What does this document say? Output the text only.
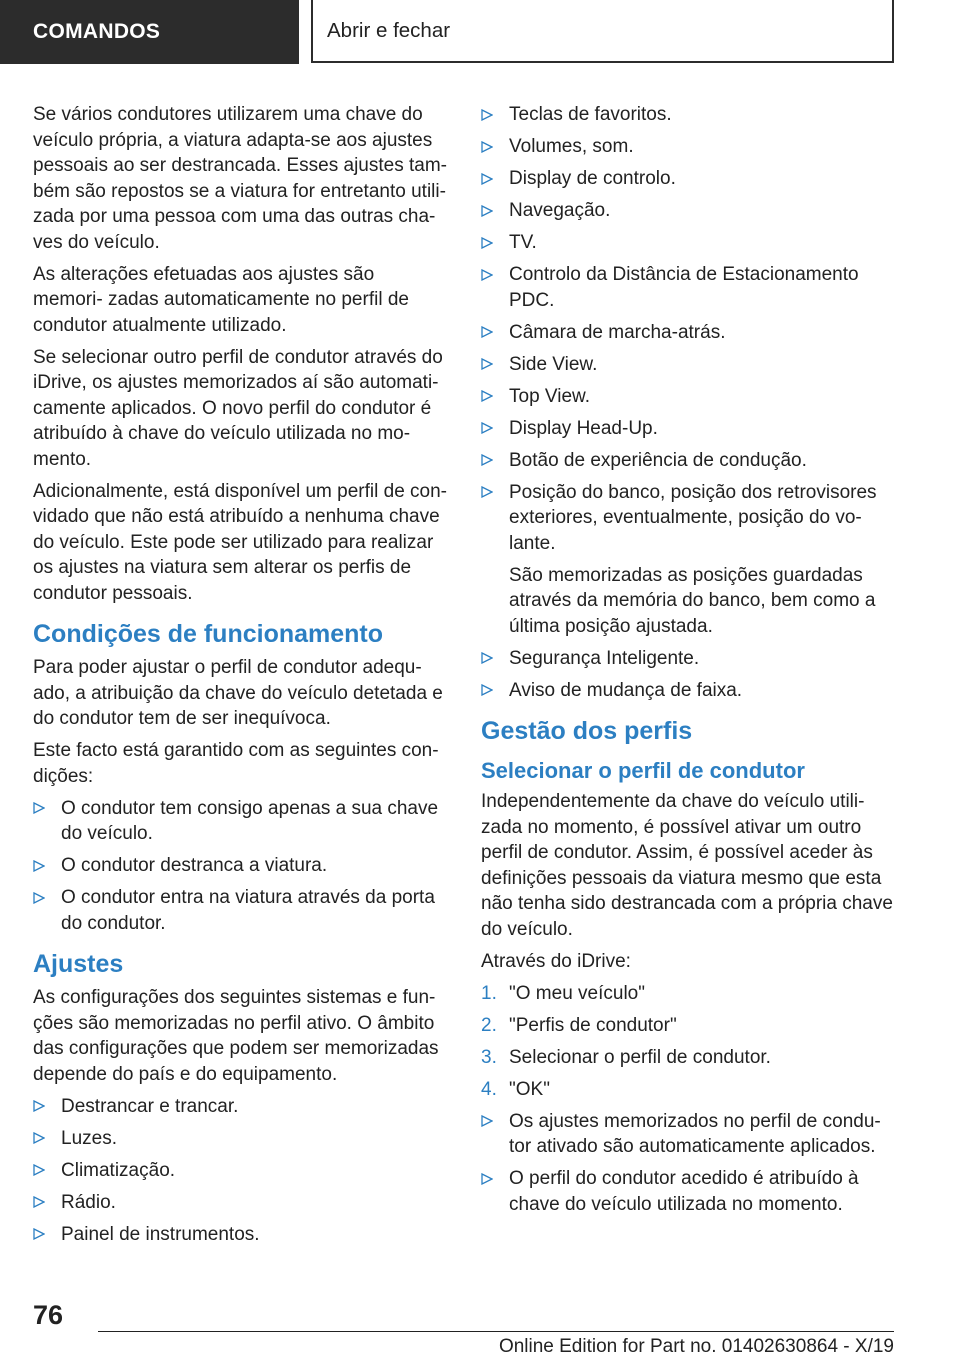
COMANDOS	Abrir e fechar

Se vários condutores utilizarem uma chave do veículo própria, a viatura adapta-se aos ajustes pessoais ao ser destrancada. Esses ajustes tam- bém são repostos se a viatura for entretanto utili- zada por uma pessoa com uma das outras cha- ves do veículo.

As alterações efetuadas aos ajustes são memori- zadas automaticamente no perfil de condutor atualmente utilizado.

Se selecionar outro perfil de condutor através do iDrive, os ajustes memorizados aí são automati- camente aplicados. O novo perfil do condutor é atribuído à chave do veículo utilizada no mo- mento.

Adicionalmente, está disponível um perfil de con- vidado que não está atribuído a nenhuma chave do veículo. Este pode ser utilizado para realizar os ajustes na viatura sem alterar os perfis de condutor pessoais.

Condições de funcionamento

Para poder ajustar o perfil de condutor adequ- ado, a atribuição da chave do veículo detetada e do condutor tem de ser inequívoca.

Este facto está garantido com as seguintes con- dições:

O condutor tem consigo apenas a sua chave do veículo.
O condutor destranca a viatura.
O condutor entra na viatura através da porta do condutor.
Ajustes

As configurações dos seguintes sistemas e fun- ções são memorizadas no perfil ativo. O âmbito das configurações que podem ser memorizadas depende do país e do equipamento.

Destrancar e trancar.
Luzes.
Climatização.
Rádio.
Painel de instrumentos.
Teclas de favoritos.
Volumes, som.
Display de controlo.
Navegação.
TV.
Controlo da Distância de Estacionamento PDC.
Câmara de marcha-atrás.
Side View.
Top View.
Display Head-Up.
Botão de experiência de condução.
Posição do banco, posição dos retrovisores exteriores, eventualmente, posição do vo- lante.

São memorizadas as posições guardadas através da memória do banco, bem como a última posição ajustada.

Segurança Inteligente.
Aviso de mudança de faixa.
Gestão dos perfis
Selecionar o perfil de condutor

Independentemente da chave do veículo utili- zada no momento, é possível ativar um outro perfil de condutor. Assim, é possível aceder às definições pessoais da viatura mesmo que esta não tenha sido destrancada com a própria chave do veículo.

Através do iDrive:

1. "O meu veículo"
2. "Perfis de condutor"
3. Selecionar o perfil de condutor.
4. "OK"
Os ajustes memorizados no perfil de condu- tor ativado são automaticamente aplicados.
O perfil do condutor acedido é atribuído à chave do veículo utilizada no momento.
76
Online Edition for Part no. 01402630864 - X/19
